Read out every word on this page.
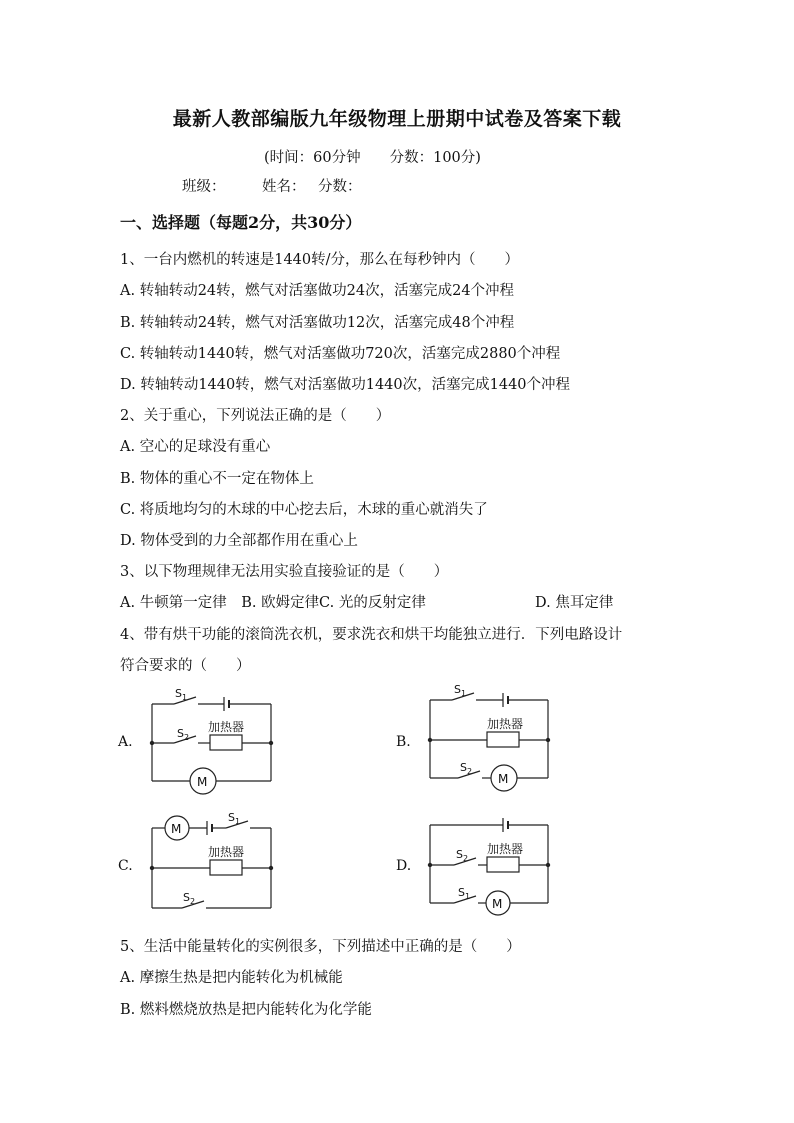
最新人教部编版九年级物理上册期中试卷及答案下载
(时间：60分钟　　分数：100分)
班级：	姓名： 分数：
一、选择题（每题2分，共30分）
1、一台内燃机的转速是1440转/分，那么在每秒钟内（　　）
A. 转轴转动24转，燃气对活塞做功24次，活塞完成24个冲程
B. 转轴转动24转，燃气对活塞做功12次，活塞完成48个冲程
C. 转轴转动1440转，燃气对活塞做功720次，活塞完成2880个冲程
D. 转轴转动1440转，燃气对活塞做功1440次，活塞完成1440个冲程
2、关于重心，下列说法正确的是（　　）
A. 空心的足球没有重心
B. 物体的重心不一定在物体上
C. 将质地均匀的木球的中心挖去后，木球的重心就消失了
D. 物体受到的力全部都作用在重心上
3、以下物理规律无法用实验直接验证的是（　　）
A. 牛顿第一定律　B. 欧姆定律C. 光的反射定律	D. 焦耳定律
4、带有烘干功能的滚筒洗衣机，要求洗衣和烘干均能独立进行．下列电路设计
符合要求的（　　）
$S_1$
$S_2$
加热器
M
$S_1$
加热器
$S_2$
M
M
$S_1$
加热器
$S_2$
$S_2$
加热器
$S_1$
M
A.	B.
C.	D.
5、生活中能量转化的实例很多，下列描述中正确的是（　　）
A. 摩擦生热是把内能转化为机械能
B. 燃料燃烧放热是把内能转化为化学能
